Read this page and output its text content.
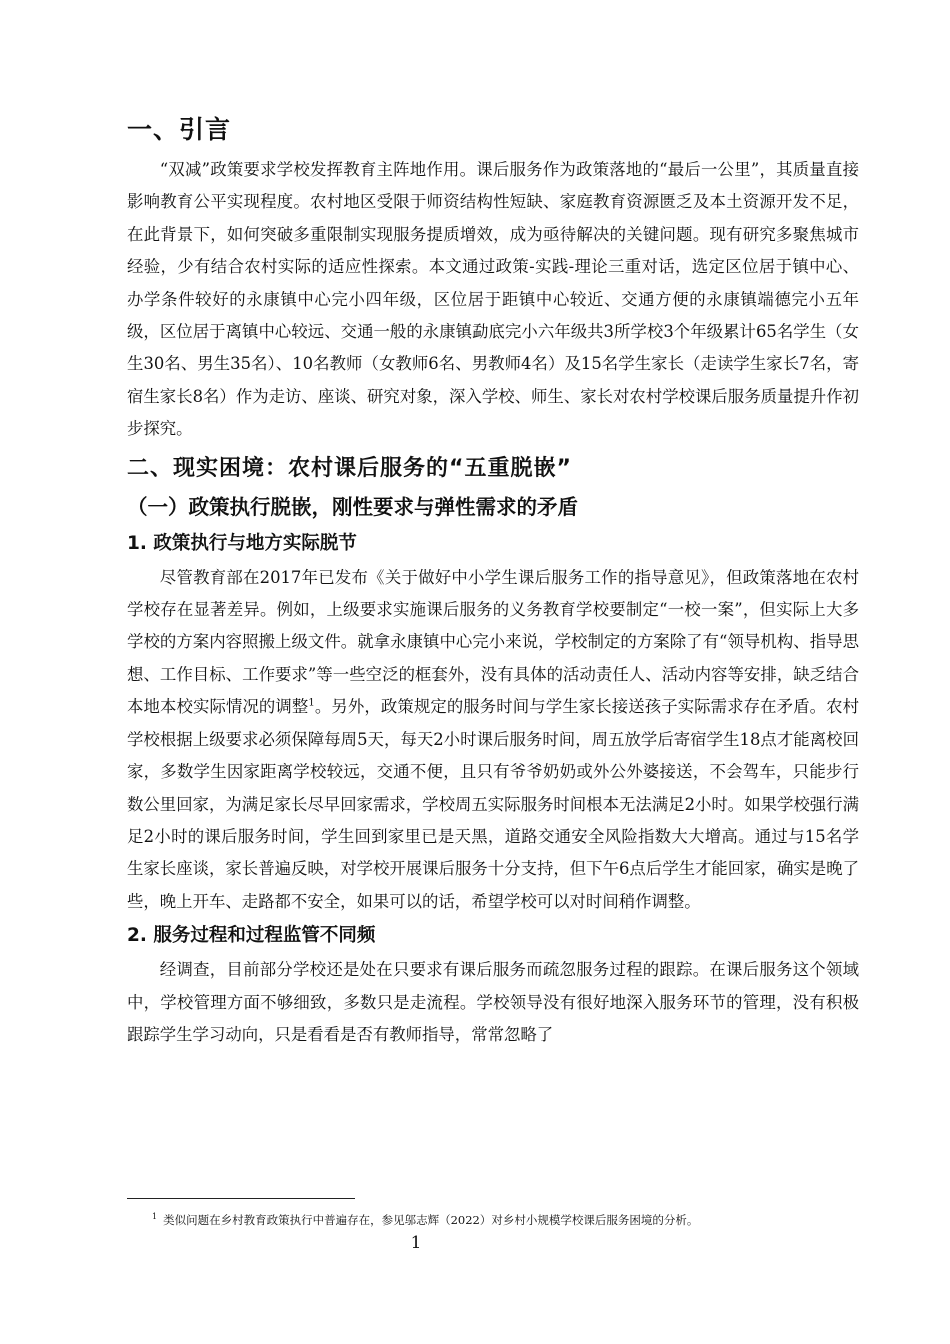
一、引言

“双减”政策要求学校发挥教育主阵地作用。课后服务作为政策落地的“最后一公里”，其质量直接影响教育公平实现程度。农村地区受限于师资结构性短缺、家庭教育资源匮乏及本土资源开发不足，在此背景下，如何突破多重限制实现服务提质增效，成为亟待解决的关键问题。现有研究多聚焦城市经验，少有结合农村实际的适应性探索。本文通过政策-实践-理论三重对话，选定区位居于镇中心、办学条件较好的永康镇中心完小四年级，区位居于距镇中心较近、交通方便的永康镇端德完小五年级，区位居于离镇中心较远、交通一般的永康镇勐底完小六年级共3所学校3个年级累计65名学生（女生30名、男生35名）、10名教师（女教师6名、男教师4名）及15名学生家长（走读学生家长7名，寄宿生家长8名）作为走访、座谈、研究对象，深入学校、师生、家长对农村学校课后服务质量提升作初步探究。

二、现实困境：农村课后服务的“五重脱嵌”
（一）政策执行脱嵌，刚性要求与弹性需求的矛盾
1. 政策执行与地方实际脱节

尽管教育部在2017年已发布《关于做好中小学生课后服务工作的指导意见》，但政策落地在农村学校存在显著差异。例如，上级要求实施课后服务的义务教育学校要制定“一校一案”，但实际上大多学校的方案内容照搬上级文件。就拿永康镇中心完小来说，学校制定的方案除了有“领导机构、指导思想、工作目标、工作要求”等一些空泛的框套外，没有具体的活动责任人、活动内容等安排，缺乏结合本地本校实际情况的调整$^1$。另外，政策规定的服务时间与学生家长接送孩子实际需求存在矛盾。农村学校根据上级要求必须保障每周5天，每天2小时课后服务时间，周五放学后寄宿学生18点才能离校回家，多数学生因家距离学校较远，交通不便，且只有爷爷奶奶或外公外婆接送，不会驾车，只能步行数公里回家，为满足家长尽早回家需求，学校周五实际服务时间根本无法满足2小时。如果学校强行满足2小时的课后服务时间，学生回到家里已是天黑，道路交通安全风险指数大大增高。通过与15名学生家长座谈，家长普遍反映，对学校开展课后服务十分支持，但下午6点后学生才能回家，确实是晚了些，晚上开车、走路都不安全，如果可以的话，希望学校可以对时间稍作调整。

2. 服务过程和过程监管不同频

经调查，目前部分学校还是处在只要求有课后服务而疏忽服务过程的跟踪。在课后服务这个领域中，学校管理方面不够细致，多数只是走流程。学校领导没有很好地深入服务环节的管理，没有积极跟踪学生学习动向，只是看看是否有教师指导，常常忽略了

$^1$ 类似问题在乡村教育政策执行中普遍存在，参见邬志辉（2022）对乡村小规模学校课后服务困境的分析。
1
